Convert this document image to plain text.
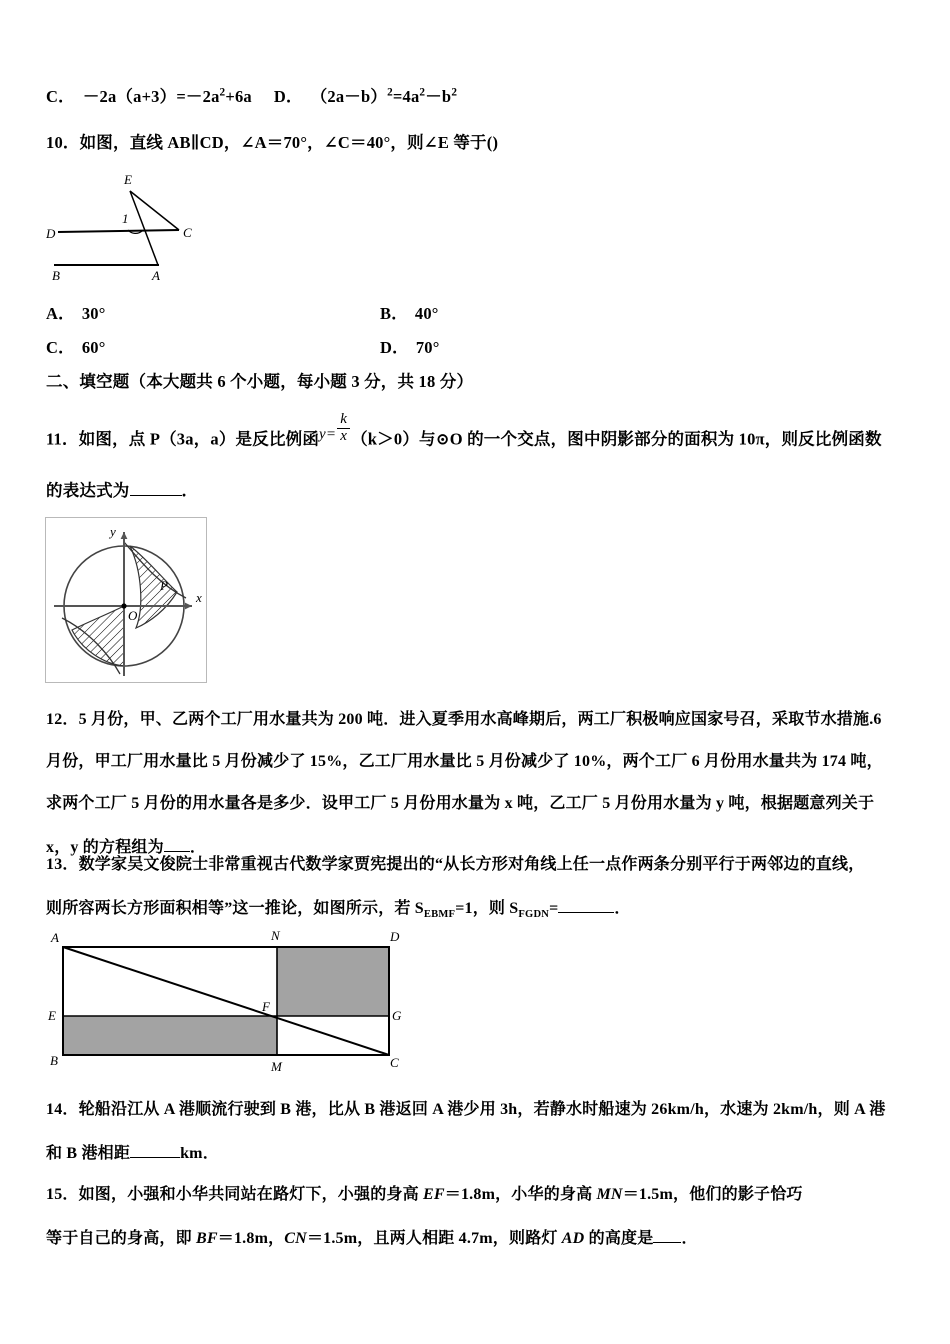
C． $-2a(a+3)=-2a^2+6a$ D． $(2a-b)^2=4a^2-b^2$
10．如图，直线 AB∥CD，∠A＝70°，∠C＝40°，则∠E 等于()
E
1
D	C
B	A
A． 30°	B． 40°
C． 60°	D． 70°
二、填空题（本大题共 6 个小题，每小题 3 分，共 18 分）
11．如图，点 P（3a，a）是反比例函$y= \frac{k}{x} (k>0)$与⊙O 的一个交点，图中阴影部分的面积为 10π，则反比例函数
的表达式为	．
y
x
O
P
12．5 月份，甲、乙两个工厂用水量共为 200 吨．进入夏季用水高峰期后，两工厂积极响应国家号召，采取节水措施.6
月份，甲工厂用水量比 5 月份减少了 15%，乙工厂用水量比 5 月份减少了 10%，两个工厂 6 月份用水量共为 174 吨，
求两个工厂 5 月份的用水量各是多少．设甲工厂 5 月份用水量为 x 吨，乙工厂 5 月份用水量为 y 吨，根据题意列关于
x，y 的方程组为 ．
13．数学家吴文俊院士非常重视古代数学家贾宪提出的“从长方形对角线上任一点作两条分别平行于两邻边的直线，
则所容两长方形面积相等”这一推论，如图所示，若 $S_{EBMF}=1$，则 $S_{FGDN}=$	．
A	N	D
E
F
G
B	M	C
14．轮船沿江从 A 港顺流行驶到 B 港，比从 B 港返回 A 港少用 3h，若静水时船速为 26km/h，水速为 2km/h，则 A 港
和 B 港相距	km．
15．如图，小强和小华共同站在路灯下，小强的身高 EF＝1.8m，小华的身高 MN＝1.5m，他们的影子恰巧
等于自己的身高，即 BF＝1.8m，CN＝1.5m，且两人相距 4.7m，则路灯 AD 的高度是 ．
